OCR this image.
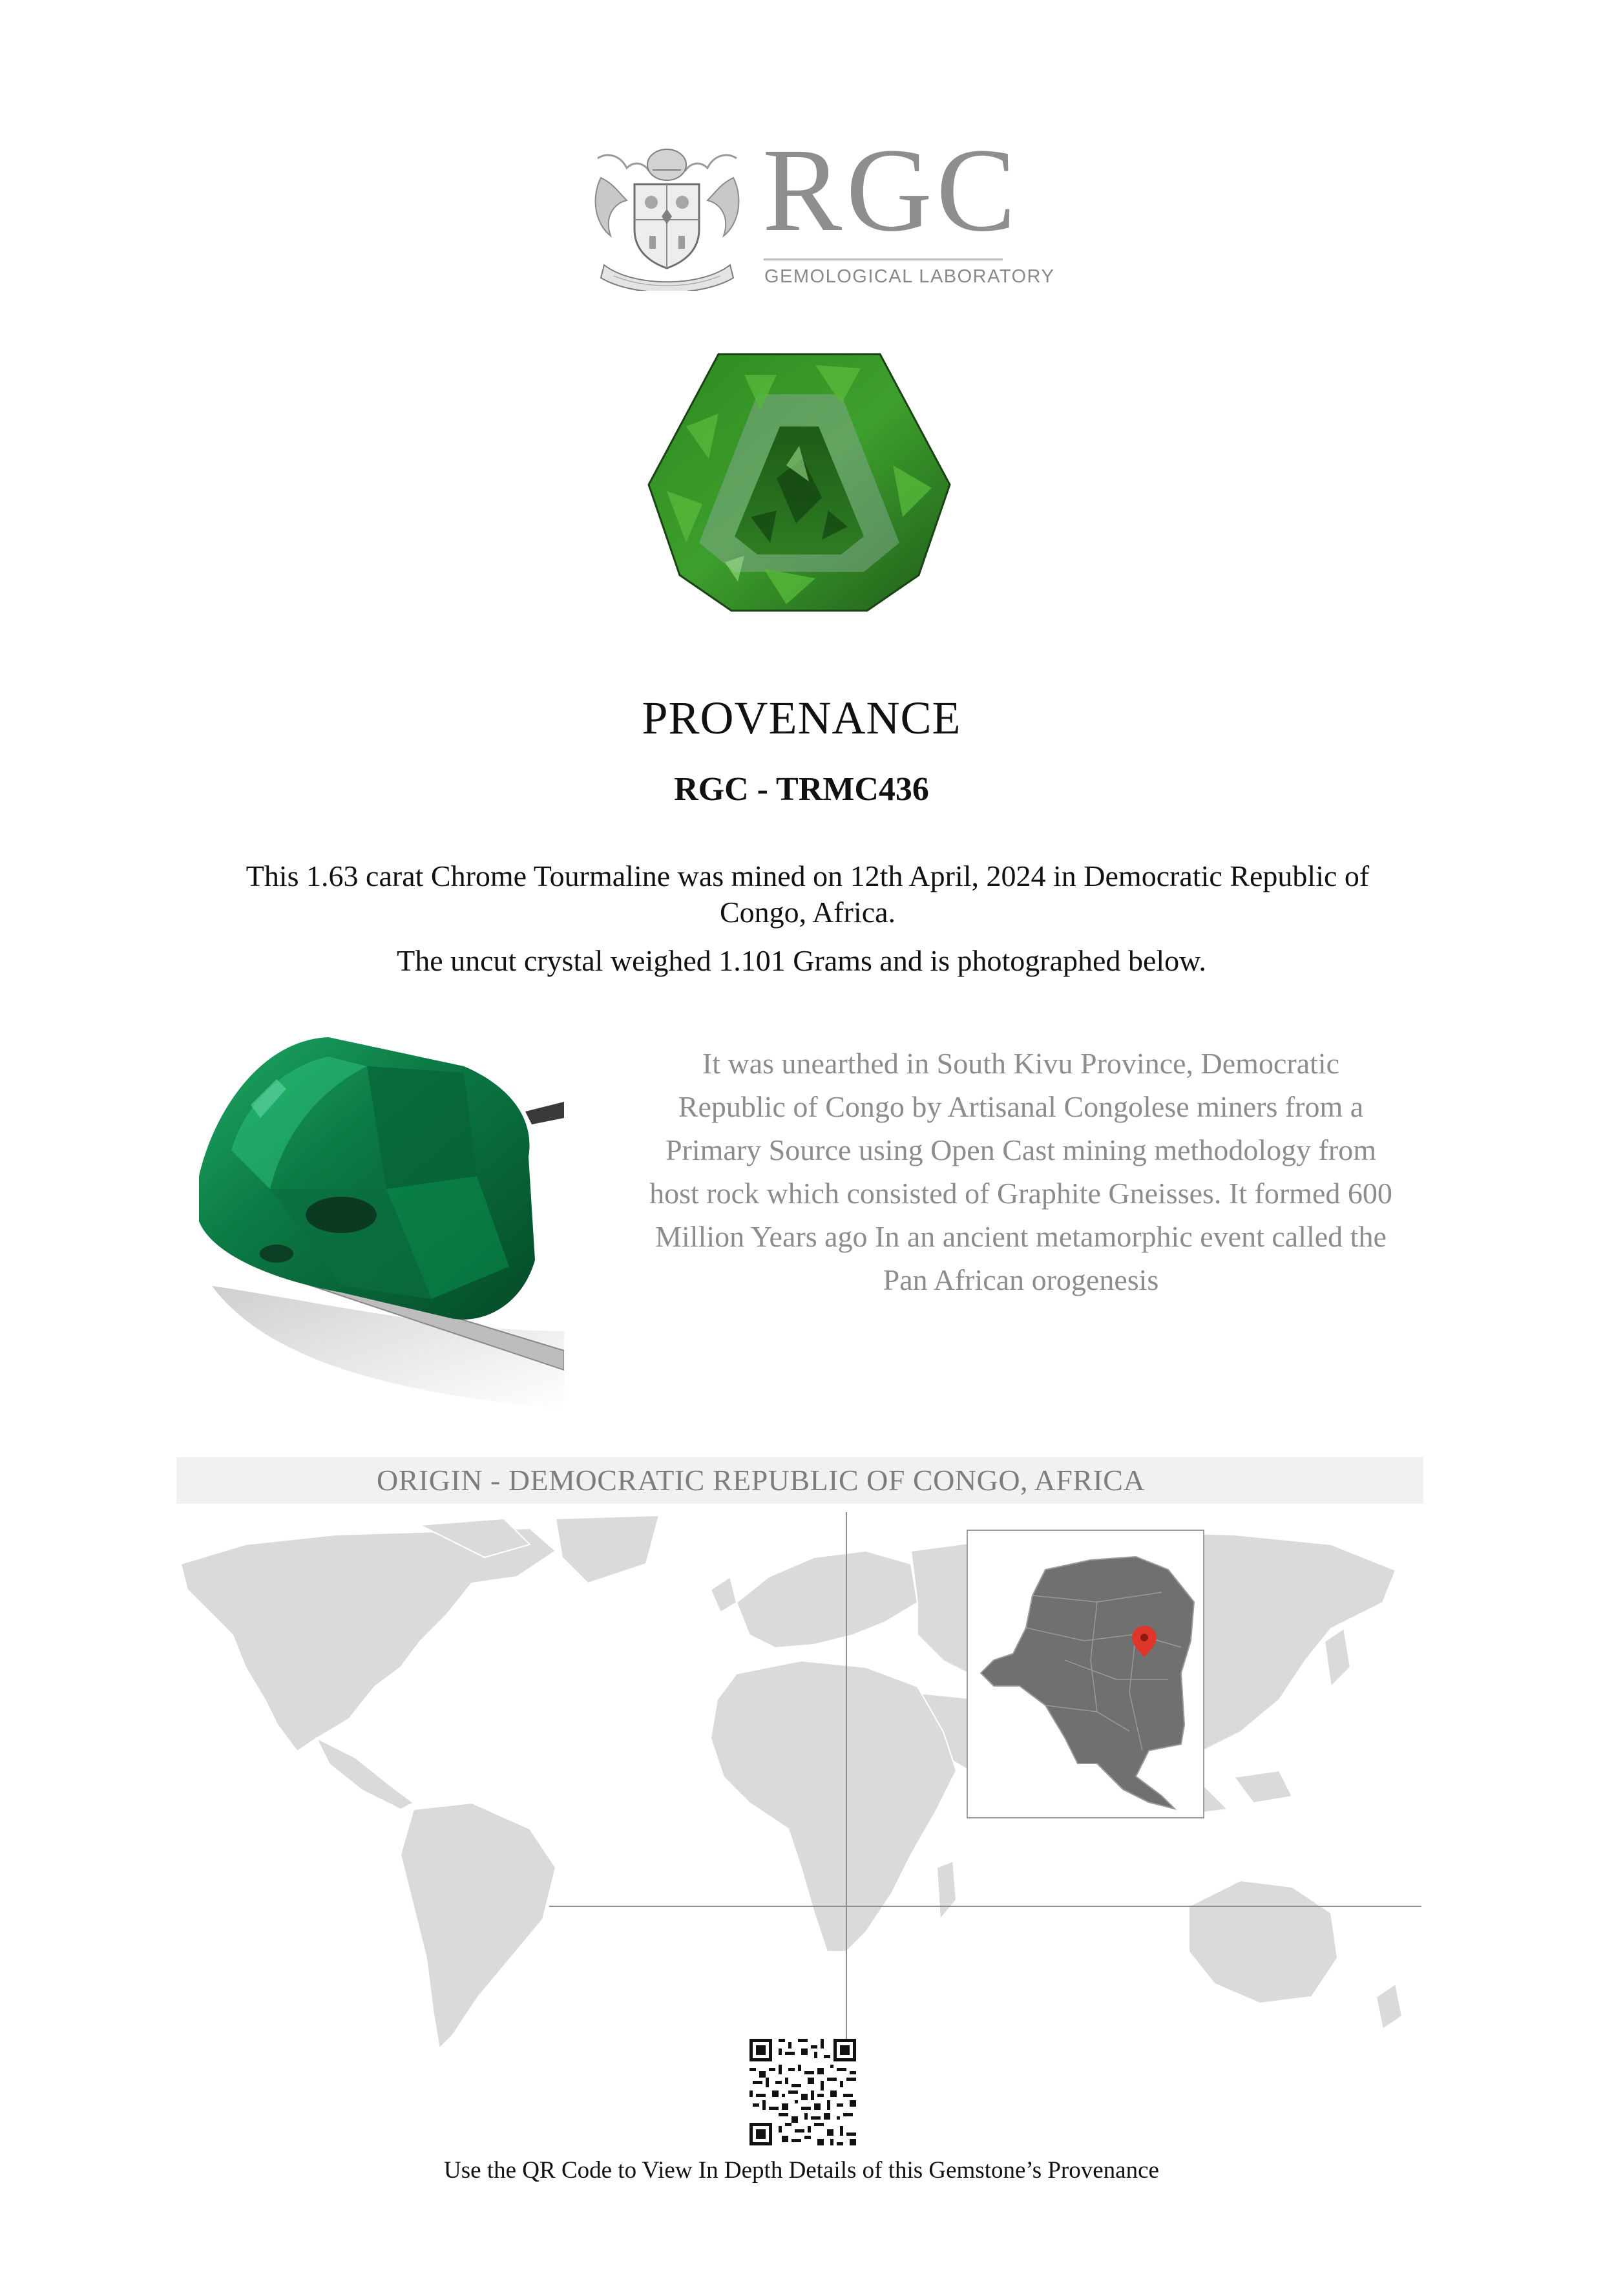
RGC
GEMOLOGICAL LABORATORY
PROVENANCE
RGC - TRMC436
This 1.63 carat Chrome Tourmaline was mined on 12th April, 2024 in Democratic Republic of Congo, Africa.
The uncut crystal weighed 1.101 Grams and is photographed below.
It was unearthed in South Kivu Province, Democratic Republic of Congo by Artisanal Congolese miners from a Primary Source using Open Cast mining methodology from host rock which consisted of Graphite Gneisses. It formed 600 Million Years ago In an ancient metamorphic event called the Pan African orogenesis
ORIGIN - DEMOCRATIC REPUBLIC OF CONGO, AFRICA
Use the QR Code to View In Depth Details of this Gemstone’s Provenance
